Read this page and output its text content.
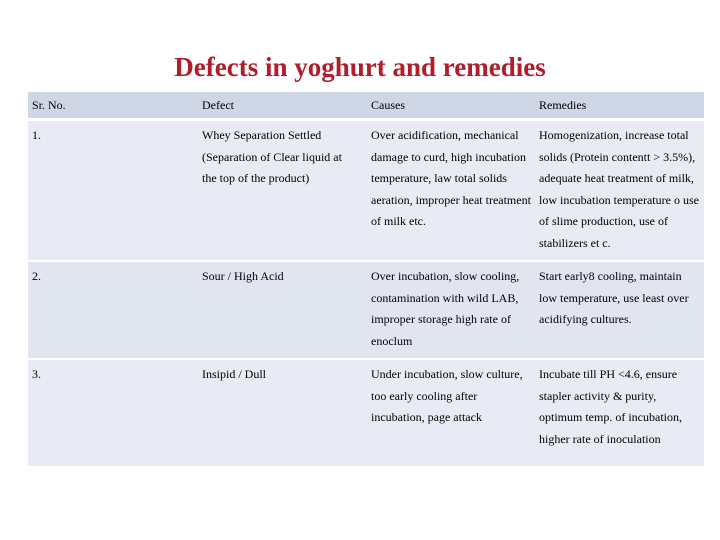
Defects in yoghurt and remedies
Sr. No.	Defect	Causes	Remedies
1.	Whey Separation Settled (Separation of Clear liquid at the top of the product)	Over acidification, mechanical damage to curd, high incubation temperature, law total solids aeration, improper heat treatment of milk etc.	Homogenization, increase total solids (Protein contentt > 3.5%), adequate heat treatment of milk, low incubation temperature o use of slime production, use of stabilizers et c.
2.	Sour / High Acid	Over incubation, slow cooling, contamination with wild LAB, improper storage high rate of enoclum	Start early8 cooling, maintain low temperature, use least over acidifying cultures.
3.	Insipid / Dull	Under incubation, slow culture, too early cooling after incubation, page attack	Incubate till PH <4.6, ensure stapler activity & purity, optimum temp. of incubation, higher rate of inoculation
